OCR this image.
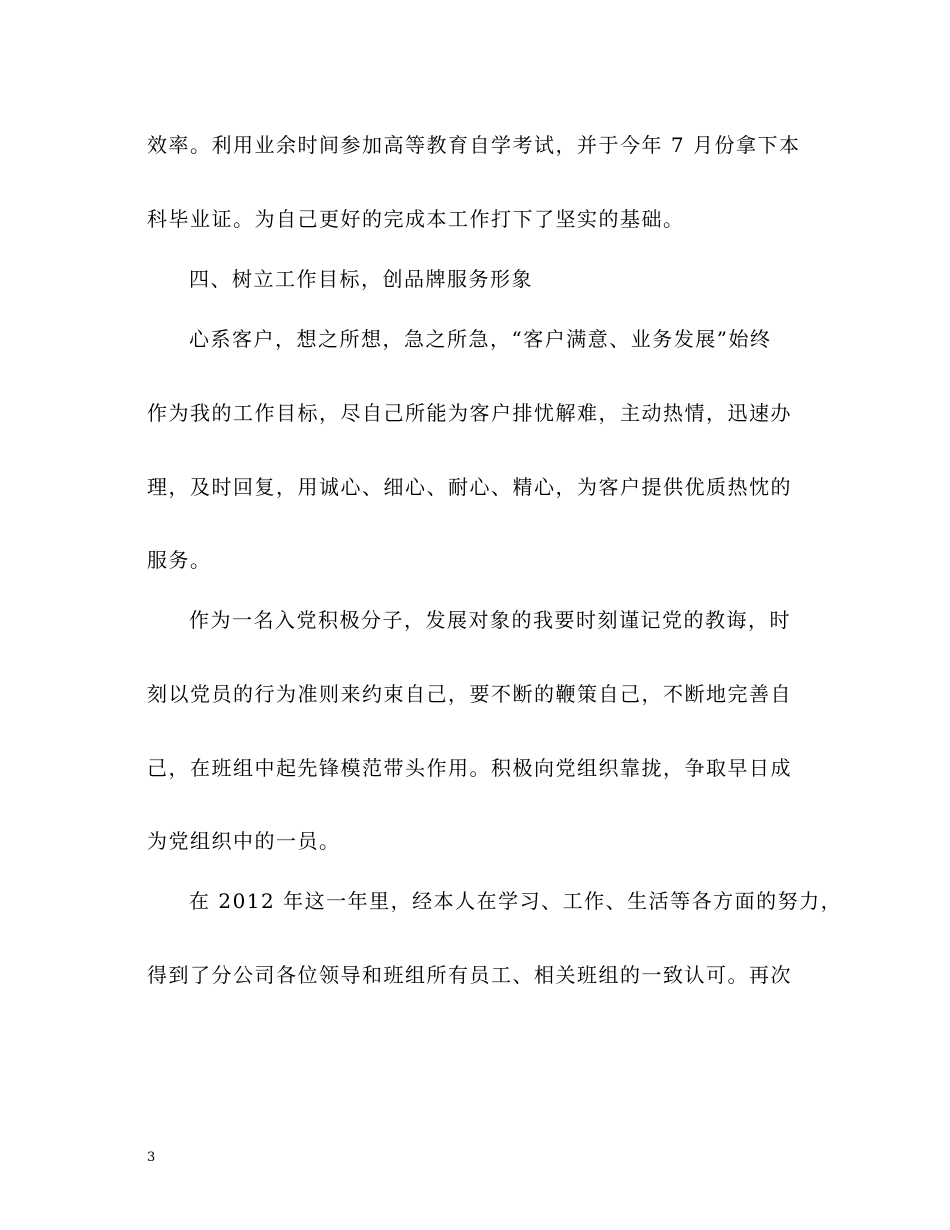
效率。利用业余时间参加高等教育自学考试，并于今年 7 月份拿下本
科毕业证。为自己更好的完成本工作打下了坚实的基础。
四、树立工作目标，创品牌服务形象
心系客户，想之所想，急之所急，“客户满意、业务发展”始终
作为我的工作目标，尽自己所能为客户排忧解难，主动热情，迅速办
理，及时回复，用诚心、细心、耐心、精心，为客户提供优质热忱的
服务。
作为一名入党积极分子，发展对象的我要时刻谨记党的教诲，时
刻以党员的行为准则来约束自己，要不断的鞭策自己，不断地完善自
己，在班组中起先锋模范带头作用。积极向党组织靠拢，争取早日成
为党组织中的一员。
在 2012 年这一年里，经本人在学习、工作、生活等各方面的努力，
得到了分公司各位领导和班组所有员工、相关班组的一致认可。再次
3
